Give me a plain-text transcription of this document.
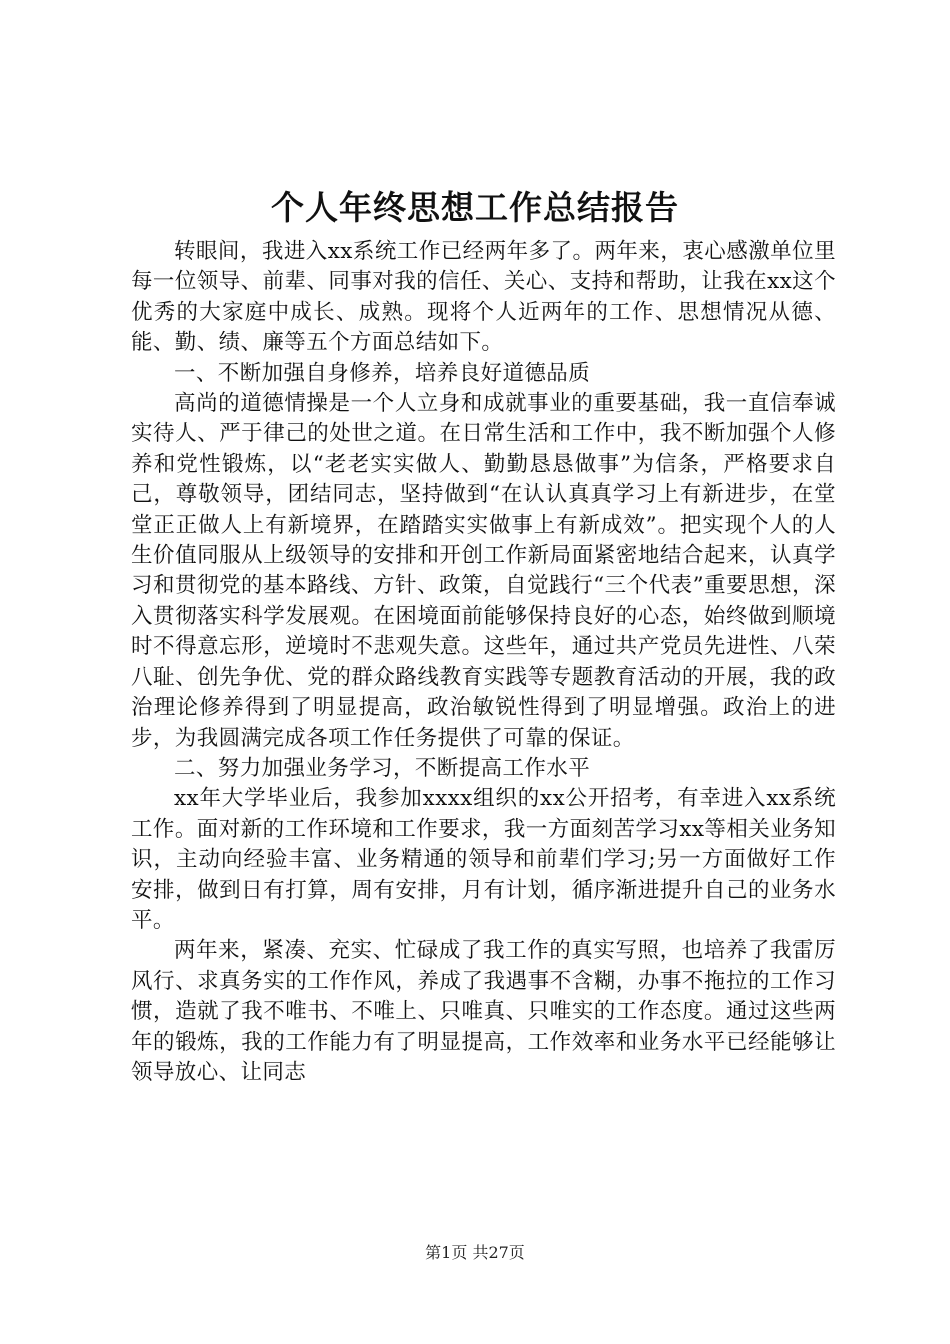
个人年终思想工作总结报告

转眼间，我进入xx系统工作已经两年多了。两年来，衷心感激单位里每一位领导、前辈、同事对我的信任、关心、支持和帮助，让我在xx这个优秀的大家庭中成长、成熟。现将个人近两年的工作、思想情况从德、能、勤、绩、廉等五个方面总结如下。

一、不断加强自身修养，培养良好道德品质

高尚的道德情操是一个人立身和成就事业的重要基础，我一直信奉诚实待人、严于律己的处世之道。在日常生活和工作中，我不断加强个人修养和党性锻炼，以“老老实实做人、勤勤恳恳做事”为信条，严格要求自己，尊敬领导，团结同志，坚持做到“在认认真真学习上有新进步，在堂堂正正做人上有新境界，在踏踏实实做事上有新成效”。把实现个人的人生价值同服从上级领导的安排和开创工作新局面紧密地结合起来，认真学习和贯彻党的基本路线、方针、政策，自觉践行“三个代表”重要思想，深入贯彻落实科学发展观。在困境面前能够保持良好的心态，始终做到顺境时不得意忘形，逆境时不悲观失意。这些年，通过共产党员先进性、八荣八耻、创先争优、党的群众路线教育实践等专题教育活动的开展，我的政治理论修养得到了明显提高，政治敏锐性得到了明显增强。政治上的进步，为我圆满完成各项工作任务提供了可靠的保证。

二、努力加强业务学习，不断提高工作水平

xx年大学毕业后，我参加xxxx组织的xx公开招考，有幸进入xx系统工作。面对新的工作环境和工作要求，我一方面刻苦学习xx等相关业务知识，主动向经验丰富、业务精通的领导和前辈们学习;另一方面做好工作安排，做到日有打算，周有安排，月有计划，循序渐进提升自己的业务水平。

两年来，紧凑、充实、忙碌成了我工作的真实写照，也培养了我雷厉风行、求真务实的工作作风，养成了我遇事不含糊，办事不拖拉的工作习惯，造就了我不唯书、不唯上、只唯真、只唯实的工作态度。通过这些两年的锻炼，我的工作能力有了明显提高，工作效率和业务水平已经能够让领导放心、让同志

第1页 共27页
